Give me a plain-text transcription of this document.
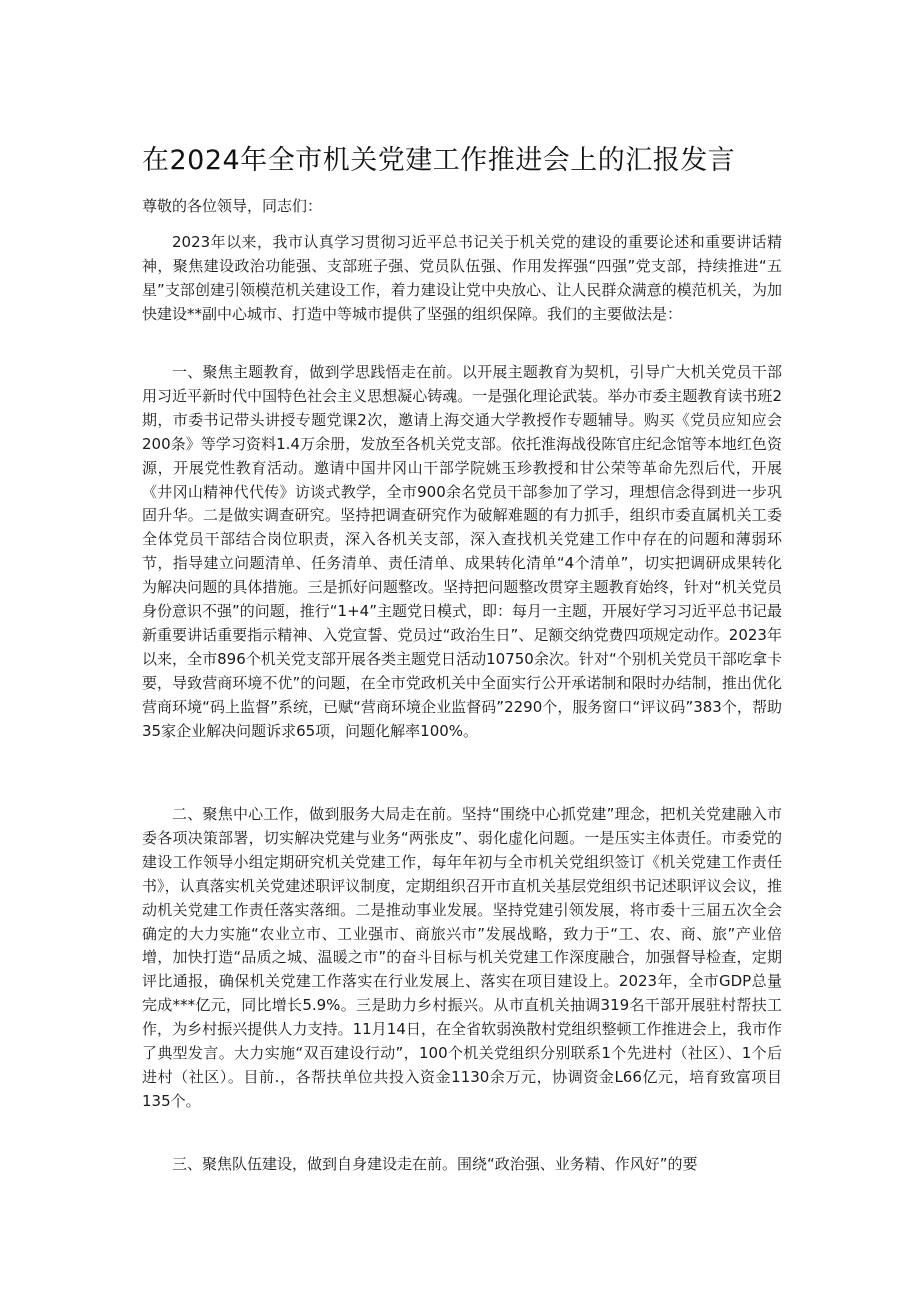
在2024年全市机关党建工作推进会上的汇报发言

尊敬的各位领导，同志们：

2023年以来，我市认真学习贯彻习近平总书记关于机关党的建设的重要论述和重要讲话精神，聚焦建设政治功能强、支部班子强、党员队伍强、作用发挥强“四强”党支部，持续推进“五星”支部创建引领模范机关建设工作，着力建设让党中央放心、让人民群众满意的模范机关，为加快建设**副中心城市、打造中等城市提供了坚强的组织保障。我们的主要做法是：

一、聚焦主题教育，做到学思践悟走在前。以开展主题教育为契机，引导广大机关党员干部用习近平新时代中国特色社会主义思想凝心铸魂。一是强化理论武装。举办市委主题教育读书班2期，市委书记带头讲授专题党课2次，邀请上海交通大学教授作专题辅导。购买《党员应知应会200条》等学习资料1.4万余册，发放至各机关党支部。依托淮海战役陈官庄纪念馆等本地红色资源，开展党性教育活动。邀请中国井冈山干部学院姚玉珍教授和甘公荣等革命先烈后代，开展《井冈山精神代代传》访谈式教学，全市900余名党员干部参加了学习，理想信念得到进一步巩固升华。二是做实调查研究。坚持把调查研究作为破解难题的有力抓手，组织市委直属机关工委全体党员干部结合岗位职责，深入各机关支部，深入查找机关党建工作中存在的问题和薄弱环节，指导建立问题清单、任务清单、责任清单、成果转化清单“4个清单”，切实把调研成果转化为解决问题的具体措施。三是抓好问题整改。坚持把问题整改贯穿主题教育始终，针对“机关党员身份意识不强”的问题，推行“1+4”主题党日模式，即：每月一主题，开展好学习习近平总书记最新重要讲话重要指示精神、入党宣誓、党员过“政治生日”、足额交纳党费四项规定动作。2023年以来，全市896个机关党支部开展各类主题党日活动10750余次。针对“个别机关党员干部吃拿卡要，导致营商环境不优”的问题，在全市党政机关中全面实行公开承诺制和限时办结制，推出优化营商环境“码上监督”系统，已赋“营商环境企业监督码”2290个，服务窗口“评议码”383个，帮助35家企业解决问题诉求65项，问题化解率100%。

二、聚焦中心工作，做到服务大局走在前。坚持“围绕中心抓党建”理念，把机关党建融入市委各项决策部署，切实解决党建与业务“两张皮”、弱化虚化问题。一是压实主体责任。市委党的建设工作领导小组定期研究机关党建工作，每年年初与全市机关党组织签订《机关党建工作责任书》，认真落实机关党建述职评议制度，定期组织召开市直机关基层党组织书记述职评议会议，推动机关党建工作责任落实落细。二是推动事业发展。坚持党建引领发展，将市委十三届五次全会确定的大力实施“农业立市、工业强市、商旅兴市”发展战略，致力于“工、农、商、旅”产业倍增，加快打造“品质之城、温暖之市”的奋斗目标与机关党建工作深度融合，加强督导检查，定期评比通报，确保机关党建工作落实在行业发展上、落实在项目建设上。2023年，全市GDP总量完成***亿元，同比增长5.9%。三是助力乡村振兴。从市直机关抽调319名干部开展驻村帮扶工作，为乡村振兴提供人力支持。11月14日，在全省软弱涣散村党组织整顿工作推进会上，我市作了典型发言。大力实施“双百建设行动”，100个机关党组织分别联系1个先进村（社区）、1个后进村（社区）。目前.，各帮扶单位共投入资金1130余万元，协调资金L66亿元，培育致富项目135个。

三、聚焦队伍建设，做到自身建设走在前。围绕“政治强、业务精、作风好”的要
